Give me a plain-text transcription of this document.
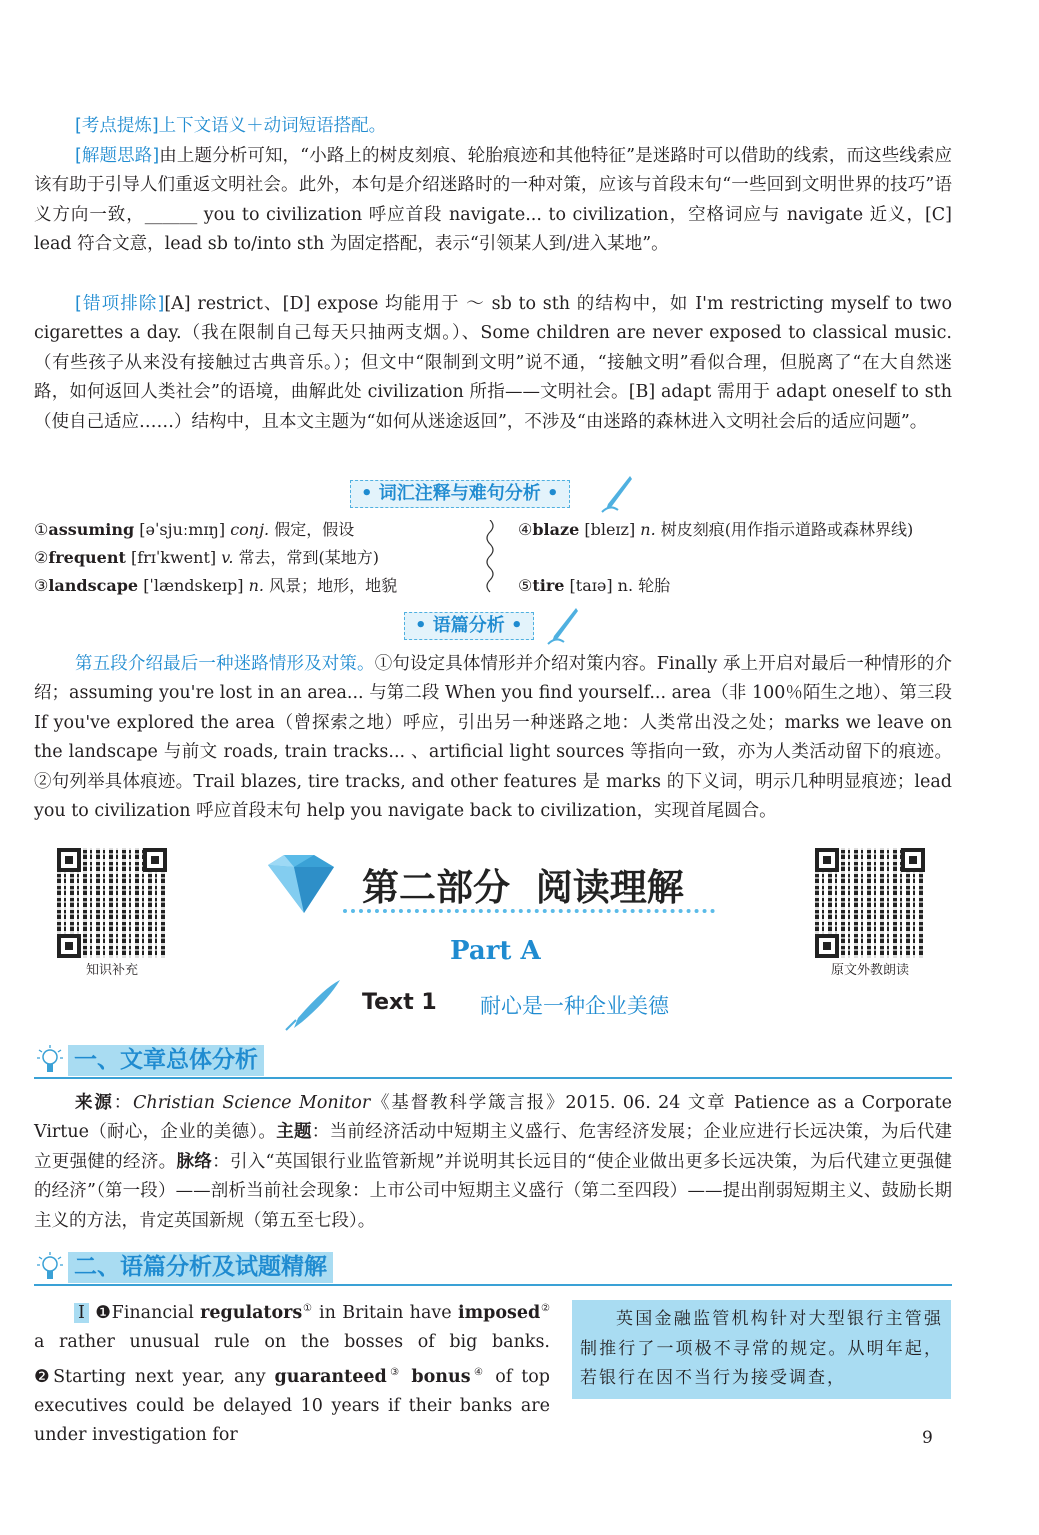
[考点提炼]上下文语义＋动词短语搭配。
[解题思路]由上题分析可知，“小路上的树皮刻痕、轮胎痕迹和其他特征”是迷路时可以借助的线索，而这些线索应该有助于引导人们重返文明社会。此外，本句是介绍迷路时的一种对策，应该与首段末句“一些回到文明世界的技巧”语义方向一致，______ you to civilization 呼应首段 navigate... to civilization，空格词应与 navigate 近义，[C] lead 符合文意，lead sb to/into sth 为固定搭配，表示“引领某人到/进入某地”。
[错项排除][A] restrict、[D] expose 均能用于 ～ sb to sth 的结构中，如 I'm restricting myself to two cigarettes a day.（我在限制自己每天只抽两支烟。）、Some children are never exposed to classical music.（有些孩子从来没有接触过古典音乐。）；但文中“限制到文明”说不通，“接触文明”看似合理，但脱离了“在大自然迷路，如何返回人类社会”的语境，曲解此处 civilization 所指——文明社会。[B] adapt 需用于 adapt oneself to sth（使自己适应……）结构中，且本文主题为“如何从迷途返回”，不涉及“由迷路的森林进入文明社会后的适应问题”。
• 词汇注释与难句分析 •
①assuming [əˈsjuːmɪŋ] conj. 假定，假设
②frequent [frɪˈkwent] v. 常去，常到(某地方)
③landscape [ˈlændskeɪp] n. 风景；地形，地貌
④blaze [bleɪz] n. 树皮刻痕(用作指示道路或森林界线)
⑤tire [taɪə] n. 轮胎
• 语篇分析 •
第五段介绍最后一种迷路情形及对策。①句设定具体情形并介绍对策内容。Finally 承上开启对最后一种情形的介绍；assuming you're lost in an area... 与第二段 When you find yourself... area（非 100％陌生之地）、第三段 If you've explored the area（曾探索之地）呼应，引出另一种迷路之地：人类常出没之处；marks we leave on the landscape 与前文 roads, train tracks... 、artificial light sources 等指向一致，亦为人类活动留下的痕迹。②句列举具体痕迹。Trail blazes, tire tracks, and other features 是 marks 的下义词，明示几种明显痕迹；lead you to civilization 呼应首段末句 help you navigate back to civilization，实现首尾圆合。
知识补充	原文外教朗读
第二部分  阅读理解
Part A
Text 1 耐心是一种企业美德
一、文章总体分析
来源：Christian Science Monitor《基督教科学箴言报》2015. 06. 24 文章 Patience as a Corporate Virtue（耐心，企业的美德）。主题：当前经济活动中短期主义盛行、危害经济发展；企业应进行长远决策，为后代建立更强健的经济。脉络：引入“英国银行业监管新规”并说明其长远目的“使企业做出更多长远决策，为后代建立更强健的经济”（第一段）——剖析当前社会现象：上市公司中短期主义盛行（第二至四段）——提出削弱短期主义、鼓励长期主义的方法，肯定英国新规（第五至七段）。
二、语篇分析及试题精解
I ❶Financial regulators① in Britain have imposed② a rather unusual rule on the bosses of big banks. ❷Starting next year, any guaranteed③ bonus④ of top executives could be delayed 10 years if their banks are under investigation for
英国金融监管机构针对大型银行主管强制推行了一项极不寻常的规定。从明年起，若银行在因不当行为接受调查，
9
